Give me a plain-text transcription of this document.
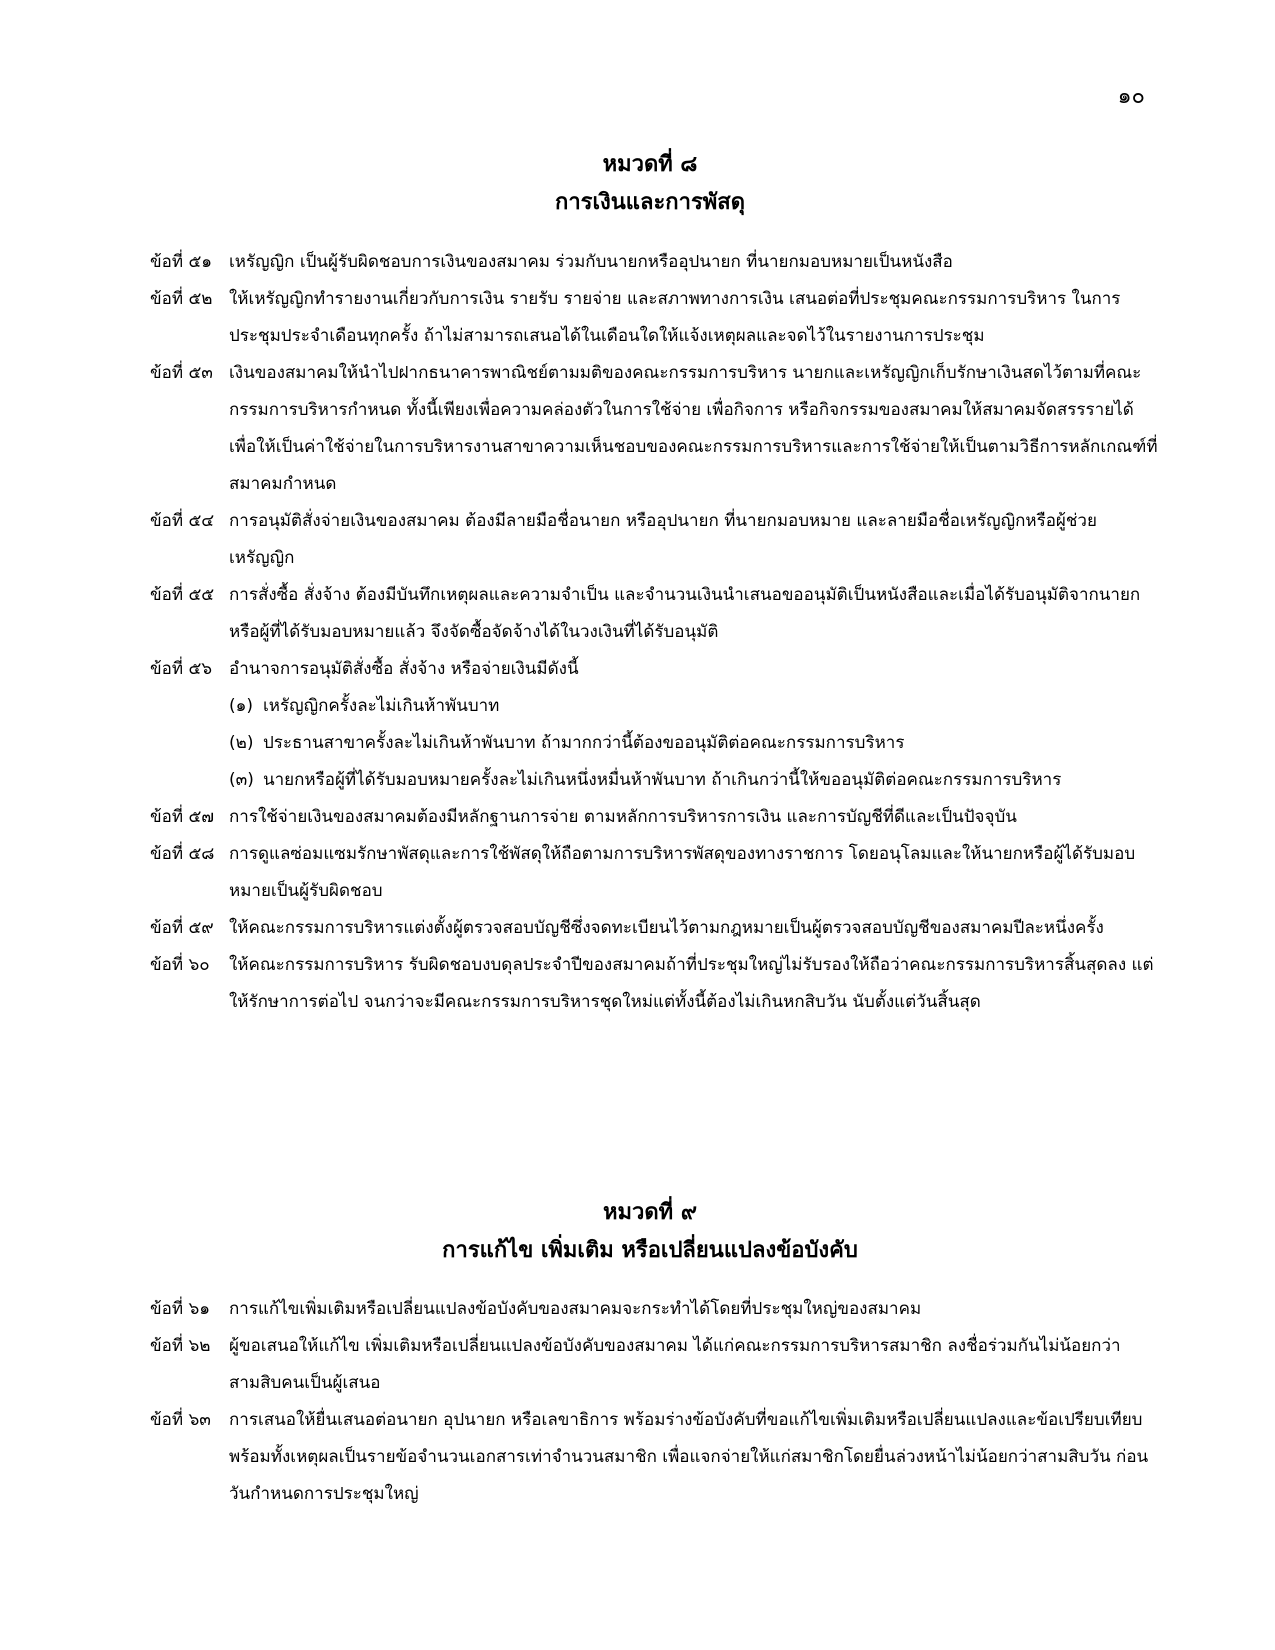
๑๐
หมวดที่ ๘
การเงินและการพัสดุ

ข้อที่ ๕๑ เหรัญญิก เป็นผู้รับผิดชอบการเงินของสมาคม ร่วมกับนายกหรืออุปนายก ที่นายกมอบหมายเป็นหนังสือ

ข้อที่ ๕๒ ให้เหรัญญิกทำรายงานเกี่ยวกับการเงิน รายรับ รายจ่าย และสภาพทางการเงิน เสนอต่อที่ประชุมคณะกรรมการบริหาร ในการประชุมประจำเดือนทุกครั้ง ถ้าไม่สามารถเสนอได้ในเดือนใดให้แจ้งเหตุผลและจดไว้ในรายงานการประชุม

ข้อที่ ๕๓ เงินของสมาคมให้นำไปฝากธนาคารพาณิชย์ตามมติของคณะกรรมการบริหาร นายกและเหรัญญิกเก็บรักษาเงินสดไว้ตามที่คณะกรรมการบริหารกำหนด ทั้งนี้เพียงเพื่อความคล่องตัวในการใช้จ่าย เพื่อกิจการ หรือกิจกรรมของสมาคมให้สมาคมจัดสรรรายได้เพื่อให้เป็นค่าใช้จ่ายในการบริหารงานสาขาความเห็นชอบของคณะกรรมการบริหารและการใช้จ่ายให้เป็นตามวิธีการหลักเกณฑ์ที่สมาคมกำหนด

ข้อที่ ๕๔ การอนุมัติสั่งจ่ายเงินของสมาคม ต้องมีลายมือชื่อนายก หรืออุปนายก ที่นายกมอบหมาย และลายมือชื่อเหรัญญิกหรือผู้ช่วยเหรัญญิก

ข้อที่ ๕๕ การสั่งซื้อ สั่งจ้าง ต้องมีบันทึกเหตุผลและความจำเป็น และจำนวนเงินนำเสนอขออนุมัติเป็นหนังสือและเมื่อได้รับอนุมัติจากนายกหรือผู้ที่ได้รับมอบหมายแล้ว จึงจัดซื้อจัดจ้างได้ในวงเงินที่ได้รับอนุมัติ

ข้อที่ ๕๖ อำนาจการอนุมัติสั่งซื้อ สั่งจ้าง หรือจ่ายเงินมีดังนี้

(๑) เหรัญญิกครั้งละไม่เกินห้าพันบาท

(๒) ประธานสาขาครั้งละไม่เกินห้าพันบาท ถ้ามากกว่านี้ต้องขออนุมัติต่อคณะกรรมการบริหาร

(๓) นายกหรือผู้ที่ได้รับมอบหมายครั้งละไม่เกินหนึ่งหมื่นห้าพันบาท ถ้าเกินกว่านี้ให้ขออนุมัติต่อคณะกรรมการบริหาร

ข้อที่ ๕๗ การใช้จ่ายเงินของสมาคมต้องมีหลักฐานการจ่าย ตามหลักการบริหารการเงิน และการบัญชีที่ดีและเป็นปัจจุบัน

ข้อที่ ๕๘ การดูแลซ่อมแซมรักษาพัสดุและการใช้พัสดุให้ถือตามการบริหารพัสดุของทางราชการ โดยอนุโลมและให้นายกหรือผู้ได้รับมอบหมายเป็นผู้รับผิดชอบ

ข้อที่ ๕๙ ให้คณะกรรมการบริหารแต่งตั้งผู้ตรวจสอบบัญชีซึ่งจดทะเบียนไว้ตามกฎหมายเป็นผู้ตรวจสอบบัญชีของสมาคมปีละหนึ่งครั้ง

ข้อที่ ๖๐ ให้คณะกรรมการบริหาร รับผิดชอบงบดุลประจำปีของสมาคมถ้าที่ประชุมใหญ่ไม่รับรองให้ถือว่าคณะกรรมการบริหารสิ้นสุดลง แต่ให้รักษาการต่อไป จนกว่าจะมีคณะกรรมการบริหารชุดใหม่แต่ทั้งนี้ต้องไม่เกินหกสิบวัน นับตั้งแต่วันสิ้นสุด

หมวดที่ ๙
การแก้ไข เพิ่มเติม หรือเปลี่ยนแปลงข้อบังคับ

ข้อที่ ๖๑ การแก้ไขเพิ่มเติมหรือเปลี่ยนแปลงข้อบังคับของสมาคมจะกระทำได้โดยที่ประชุมใหญ่ของสมาคม

ข้อที่ ๖๒ ผู้ขอเสนอให้แก้ไข เพิ่มเติมหรือเปลี่ยนแปลงข้อบังคับของสมาคม ได้แก่คณะกรรมการบริหารสมาชิก ลงชื่อร่วมกันไม่น้อยกว่าสามสิบคนเป็นผู้เสนอ

ข้อที่ ๖๓ การเสนอให้ยื่นเสนอต่อนายก อุปนายก หรือเลขาธิการ พร้อมร่างข้อบังคับที่ขอแก้ไขเพิ่มเติมหรือเปลี่ยนแปลงและข้อเปรียบเทียบพร้อมทั้งเหตุผลเป็นรายข้อจำนวนเอกสารเท่าจำนวนสมาชิก เพื่อแจกจ่ายให้แก่สมาชิกโดยยื่นล่วงหน้าไม่น้อยกว่าสามสิบวัน ก่อนวันกำหนดการประชุมใหญ่
